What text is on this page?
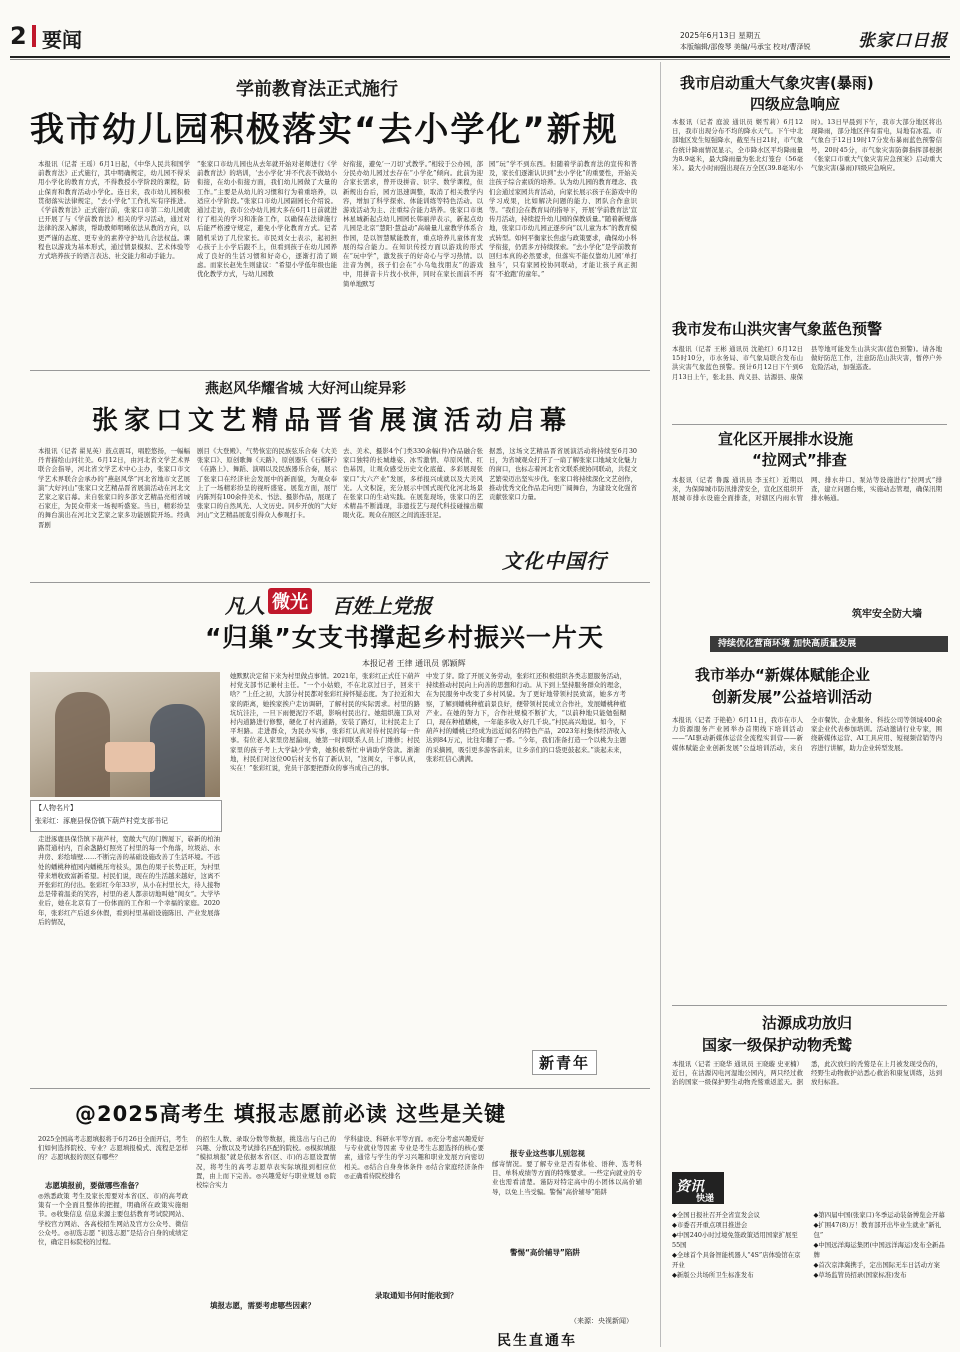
2 要闻	2025年6月13日 星期五
本版编辑/邵俊琴 美编/马承宝 校对/曹泽锐	张家口日报
学前教育法正式施行
我市幼儿园积极落实“去小学化”新规
本报讯（记者 王瑶）6月1日起，《中华人民共和国学前教育法》正式施行，其中明确规定，幼儿园不得采用小学化的教育方式，不得教授小学阶段的课程，防止保育和教育活动小学化。连日来，我市幼儿园积极贯彻落实法律规定，“去小学化”工作扎实有序推进。《学前教育法》正式施行前，张家口市第二幼儿园就已开展了与《学前教育法》相关的学习活动，通过对法律的深入解读，帮助教师明晰依法从教的方向，以更严谨的态度、更专业的素养守护幼儿合法权益。课程也以游戏为基本形式，通过情景模拟、艺术体验等方式培养孩子的语言表达、社交能力和动手能力。
“张家口市幼儿园也从去年就开始对老师进行《学前教育法》的培训，‘去小学化’并不代表不做幼小衔接，在幼小衔接方面，我们幼儿园做了大量的工作。”主要是从幼儿的习惯和行为着重培养，以适应小学阶段。”张家口市幼儿园副园长介绍说。通过走访，我市公办幼儿园大多在6月1日前就进行了相关的学习和准备工作，以确保在法律施行后能严格遵守规定，避免小学化教育方式。记者随机采访了几位家长。市民刘女士表示，起初担心孩子上小学后跟不上，但看到孩子在幼儿园养成了良好的生活习惯和好奇心，逐渐打消了顾虑。而家长赵先生则建议：“希望小学低年级也能优化教学方式，与幼儿园教
好衔接，避免‘一刀切’式教学。”相较于公办园，部分民办幼儿园过去存在“小学化”倾向。此前为迎合家长需求，曾开设拼音、识字、数学课程，但新规出台后，园方迅速调整，取消了相关教学内容，增加了科学探索、体能训练等特色活动。以游戏活动为主、注重综合能力培养。张家口市奥林星城新起点幼儿园园长韩丽萍表示，新起点幼儿园是北京“慧阳·慧益动”高端量儿童教学体系合作园，是以智慧赋能教育，重点培养儿童体育发展的综合能力。在知识传授方面以游戏的形式在“玩中学”，激发孩子的好奇心与学习热情。以注音为例，孩子们会在“小乌龟找朋友”的游戏中，用拼音卡片找小伙伴，同时在家长面前不再简单地默写
园”玩“学不到东西。但随着学前教育法的宣传和普及，家长们逐渐认识到“去小学化”的重要性，开始关注孩子综合素质的培养。认为幼儿园的教育理念、我们会通过家园共育活动，向家长展示孩子在游戏中的学习成果，比如解决问题的能力、团队合作意识等。“我们会在教育局的指导下，开展‘学前教育法’宣传月活动，持续提升幼儿园的保教质量。”随着新规落地，张家口市幼儿园正逐步向“以儿童为本”的教育模式转型。如何平衡家长焦虑与政策要求，确保幼小科学衔接，仍需多方持续探索。“去小学化”是学前教育回归本真的必然要求，但落实不能仅靠幼儿园‘单打独斗’，只有家园校协同联动，才能让孩子真正拥有‘不抢跑’的童年。”
燕赵风华耀省城 大好河山绽异彩
张家口文艺精品晋省展演活动启幕
本报讯（记者 翟见英）鼓点震耳，唱腔悠扬，一幅幅丹青描绘山河壮美。6月12日，由河北省文学艺术界联合会指导，河北省文学艺术中心主办，张家口市文学艺术界联合会承办的“燕赵风华”河北省地市文艺展演“大好河山”张家口文艺精品晋省展演活动在河北文艺家之家启幕。来自张家口的多部文艺精品亮相省城石家庄，为民众带来一场视听盛宴。当日，精彩纷呈的舞台演出在河北文艺家之家多功能剧院开场。经典晋剧
剧目《大登殿》、气势恢宏的民族弦乐合奏《大美张家口》、原创歌舞《天路》、原创器乐《石榴籽》《在路上》、舞蹈、演唱以及民族器乐合奏，展示了张家口在经济社会发展中的新面貌，为观众奉上了一场精彩纷呈的视听盛宴。展览方面，展厅内陈列有100余件美术、书法、摄影作品，展现了张家口的自然风光、人文历史。同步开放的“大好河山”文艺精品展览引得众人参观打卡。
去、美术、摄影4个门类330余幅(件)作品融合张家口独特的长城雄姿、冰雪激情、草原风情、红色基因，让观众感受历史文化底蕴、多彩展现张家口“大六产业”发展，多样报兴成就以及大美风光。人文积淀，充分展示中国式现代化河北场景在张家口的生动实践。在展览现场，张家口的艺术精品不断涌现，非遗技艺与现代科技碰撞出耀眼火花。观众在展区之间流连驻足。
据悉，这场文艺精品晋省展演活动将持续至6月30日，为省城观众打开了一扇了解张家口地域文化魅力的窗口，也标志着河北省文联系统协同联动，共促文艺繁荣迈出坚实步伐。张家口将持续深化文艺创作，推动优秀文化作品走向更广阔舞台，为建设文化强省贡献张家口力量。
文化中国行
凡人 微光 百姓上党报
“归巢”女支书撑起乡村振兴一片天
本报记者 王律 通讯员 郭颖辉
【人物名片】
张彩红：涿鹿县保岱镇下葫芦村党支部书记
走进涿鹿县保岱镇下葫芦村，宽敞大气的门牌厦下，崭新的柏油路贯通村内，百余盏路灯照亮了村里的每一个角落，垃圾站、水井房、彩绘墙壁……不断完善的基础设施改善了生活环境。不远处的蟠桃种植园内蟠桃压弯枝头，黑色的果子长势正旺，为村里带来增收致富新希望。村民们说，现在的生活越来越好，这离不开张彩红的付出。张彩红今年33岁，从小在村里长大，待人接物总是带着温柔的笑容，村里的老人都亲切地叫她“闺女”。大学毕业后，她在北京有了一份体面的工作和一个幸福的家庭。2020年，张彩红产后返乡休假，看到村里基础设施陈旧、产业发展落后的情况，
她默默决定留下来为村里做点事情。2021年，张彩红正式任下葫芦村党支部书记兼村主任。“一个小姑娘，不在北京过日子，回来干啥？”上任之初，大部分村民都对张彩红持怀疑态度。为了拉近和大家的距离，她挨家挨户走访调研，了解村民的实际需求。村里的路坑坑洼洼，一旦下雨便泥泞不堪，影响村民出行。她组织施工队对村内道路进行修整，硬化了村内道路，安装了路灯，让村民走上了平坦路。走进群众，为民办实事，张彩红认真对待村民的每一件事。有位老人家里房屋漏雨，她第一时间联系人员上门维修；村民家里的孩子考上大学缺少学费，她积极帮忙申请助学贷款。渐渐地，村民们对这位00后村支书有了新认识，“这闺女，干事认真，实在！”张彩红说，党员干部要把群众的事当成自己的事。
中发了芽。除了开展义务劳动，张彩红还积极组织各类志愿服务活动，持续推动村民向上向善的思想和行动。从下到上坚持服务群众的理念，在为民服务中改变了乡村风貌。为了更好地带领村民致富，她多方考察，了解到蟠桃种植前景良好，便带领村民成立合作社，发展蟠桃种植产业。在她的努力下，合作社规模不断扩大，“以前种地只能勉强糊口，现在种植蟠桃，一年能多收入好几千块。”村民高兴地说。如今，下葫芦村的蟠桃已经成为远近闻名的特色产品，2023年村集体经济收入达到84万元，比往年翻了一番。“今年，我们准备打造一个以桃为主题的采摘园，吸引更多游客前来，让乡亲们的口袋更鼓起来。”谈起未来，张彩红信心满满。
新青年
@2025高考生 填报志愿前必读 这些是关键
2025全国高考志愿填报将于6月26日全面开启，考生们如何选择院校、专业？志愿填报模式、流程是怎样的？志愿填报的误区有哪些？
志愿填报前，要做哪些准备？
◎熟悉政策 考生及家长需要对本省(区、市)的高考政策有一个全面且整体的把握，明确所在政策实施细节。◎收集信息 信息来源主要包括教育考试院网站、学校官方网站、各高校招生网站及官方公众号、微信公众号。◎初选志愿 “初选志愿”是结合自身的成绩定位，确定目标院校的过程。
的招生人数、录取分数等数据，挑选出与自己的兴趣、分数以及考试排名匹配的院校。◎模拟填报 “模拟填报”就是依据本省(区、市)的志愿设置情况，将考生的高考志愿草表实际填报到相应位置，由上而下完善。◎兴趣爱好与职业规划 ◎院校综合实力
填报志愿，需要考虑哪些因素？
学科建设、科研水平等方面。◎充分考虑兴趣爱好与专业就业等因素 专业是考生志愿选择的核心要素，通常与学生的学习兴趣和职业发展方向密切相关。◎结合自身身体条件 ◎结合家庭经济条件 ◎正确看待院校排名
录取通知书何时能收到？
报专业这些事儿别忽视
邮寄情况。要了解专业是否有体检、语种、选考科目、单科成绩等方面的特殊要求。一些定向就业的专业也需看清楚。谨防对特定高中的小团体以高价辅导，以免上当受骗。警惕“高价辅导”陷阱
警惕“高价辅导”陷阱
（来源：央视新闻）
民生直通车
我市启动重大气象灾害(暴雨)
四级应急响应
本报讯（记者 庭波 通讯员 姬雪莉）6月12日，我市出现分布不均的降水天气。下午中北部地区发生短强降水，截至当日21时，市气象台统计降雨情况显示，全市降水区平均降雨量为8.9毫米，最大降雨量为张北灯笼台（56毫米）。最大小时雨强出现在万全区(39.8毫米/小时)。13日早晨到下午，我市大部分地区将出现降雨，部分地区伴有雷电，局地有冰雹。市气象台于12日19时17分发布暴雨蓝色预警信号，20时45分，市气象灾害防御指挥部根据《张家口市重大气象灾害应急预案》启动重大气象灾害(暴雨)四级应急响应。
我市发布山洪灾害气象蓝色预警
本报讯（记者 王彬 通讯员 沈艳红）6月12日15时10分，市水务局、市气象局联合发布山洪灾害气象蓝色预警。预计6月12日下午到6月13日上午，张北县、尚义县、沽源县、康保县等地可能发生山洪灾害(蓝色预警)。请各地做好防范工作，注意防范山洪灾害，暂停户外危险活动，加强巡查。
宣化区开展排水设施
“拉网式”排查
本报讯（记者 鲁露 通讯员 李玉红）近期以来，为保障城市防汛排涝安全，宣化区组织开展城市排水设施全面排查，对辖区内雨水管网、排水井口、泵站等设施进行“拉网式”排查，建立问题台账，实施动态管理，确保汛期排水畅通。
筑牢安全防大墙
持续优化营商环境 加快高质量发展
我市举办“新媒体赋能企业
创新发展”公益培训活动
本报讯（记者 于艳艳）6月11日，我市在市人力资源服务产业园举办首期线下培训活动——“AI驱动新媒体运营全流程实训营——新媒体赋能企业创新发展”公益培训活动，来自全市餐饮、企业服务、科技公司等领域400余家企业代表参加培训。活动邀请行业专家，围绕新媒体运营、AI工具应用、短视频营销等内容进行讲解，助力企业转型发展。
沽源成功放归
国家一级保护动物秃鹫
本报讯（记者 王晓华 通讯员 王晓璇 史亚楠）近日，在沽源闪电河湿地公园内，两只经过救治的国家一级保护野生动物秃鹫重返蓝天。据悉，此次放归的秃鹫是在上月被发现受伤的，经野生动物救护站悉心救治和康复训练，达到放归标准。
资讯
快递
◆全国日报社召开全省宣发会议
◆市委召开重点项目推进会
◆中国240小时过境免签政策适用国家扩展至55国
◆全球首个具备智能机器人“4S”店体验馆在京开业
◆新版公共场所卫生标准发布
◆第四届中国(张家口)冬季运动装备博览会开幕
◆扩围47(8)万！教育部开出毕业生就业“新礼包”
◆中国远洋海运集团(中国远洋海运)发布全新品牌
◆首次京津冀携手，定出国际无车日活动方案
◆草场监管员招录(国家标准)发布
